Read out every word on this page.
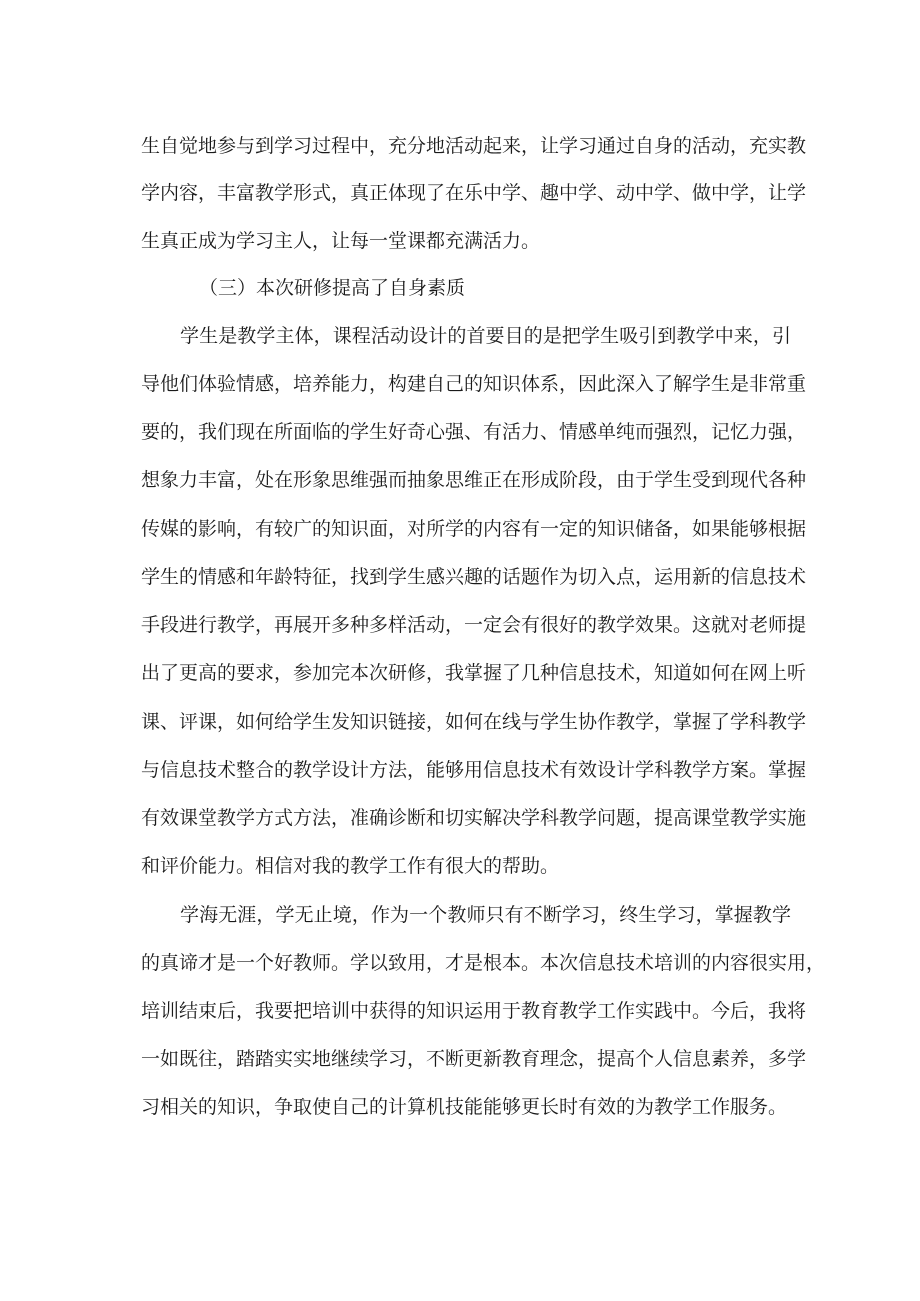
生自觉地参与到学习过程中，充分地活动起来，让学习通过自身的活动，充实教
学内容，丰富教学形式，真正体现了在乐中学、趣中学、动中学、做中学，让学
生真正成为学习主人，让每一堂课都充满活力。
（三）本次研修提高了自身素质
学生是教学主体，课程活动设计的首要目的是把学生吸引到教学中来，引
导他们体验情感，培养能力，构建自己的知识体系，因此深入了解学生是非常重
要的，我们现在所面临的学生好奇心强、有活力、情感单纯而强烈，记忆力强，
想象力丰富，处在形象思维强而抽象思维正在形成阶段，由于学生受到现代各种
传媒的影响，有较广的知识面，对所学的内容有一定的知识储备，如果能够根据
学生的情感和年龄特征，找到学生感兴趣的话题作为切入点，运用新的信息技术
手段进行教学，再展开多种多样活动，一定会有很好的教学效果。这就对老师提
出了更高的要求，参加完本次研修，我掌握了几种信息技术，知道如何在网上听
课、评课，如何给学生发知识链接，如何在线与学生协作教学，掌握了学科教学
与信息技术整合的教学设计方法，能够用信息技术有效设计学科教学方案。掌握
有效课堂教学方式方法，准确诊断和切实解决学科教学问题，提高课堂教学实施
和评价能力。相信对我的教学工作有很大的帮助。
学海无涯，学无止境，作为一个教师只有不断学习，终生学习，掌握教学
的真谛才是一个好教师。学以致用，才是根本。本次信息技术培训的内容很实用，
培训结束后，我要把培训中获得的知识运用于教育教学工作实践中。今后，我将
一如既往，踏踏实实地继续学习，不断更新教育理念，提高个人信息素养，多学
习相关的知识，争取使自己的计算机技能能够更长时有效的为教学工作服务。
